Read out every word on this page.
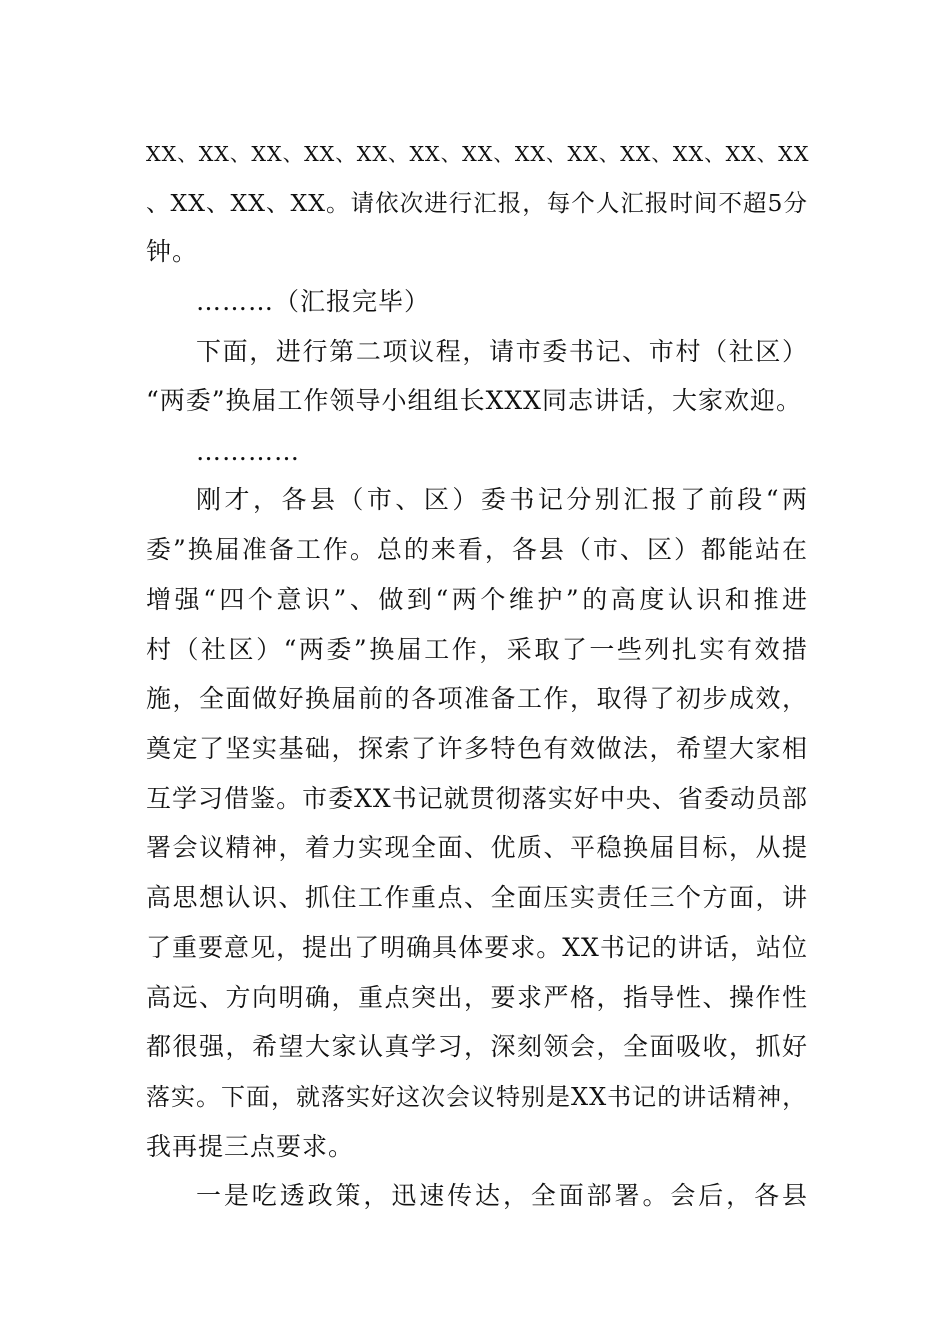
XX、XX、XX、XX、XX、XX、XX、XX、XX、XX、XX、XX、XX
、XX、XX、XX。请依次进行汇报，每个人汇报时间不超5分
钟。
………（汇报完毕）
下面，进行第二项议程，请市委书记、市村（社区）
“两委”换届工作领导小组组长XXX同志讲话，大家欢迎。
…………
刚才，各县（市、区）委书记分别汇报了前段“两
委”换届准备工作。总的来看，各县（市、区）都能站在
增强“四个意识”、做到“两个维护”的高度认识和推进
村（社区）“两委”换届工作，采取了一些列扎实有效措
施，全面做好换届前的各项准备工作，取得了初步成效，
奠定了坚实基础，探索了许多特色有效做法，希望大家相
互学习借鉴。市委XX书记就贯彻落实好中央、省委动员部
署会议精神，着力实现全面、优质、平稳换届目标，从提
高思想认识、抓住工作重点、全面压实责任三个方面，讲
了重要意见，提出了明确具体要求。XX书记的讲话，站位
高远、方向明确，重点突出，要求严格，指导性、操作性
都很强，希望大家认真学习，深刻领会，全面吸收，抓好
落实。下面，就落实好这次会议特别是XX书记的讲话精神，
我再提三点要求。
一是吃透政策，迅速传达，全面部署。会后，各县
